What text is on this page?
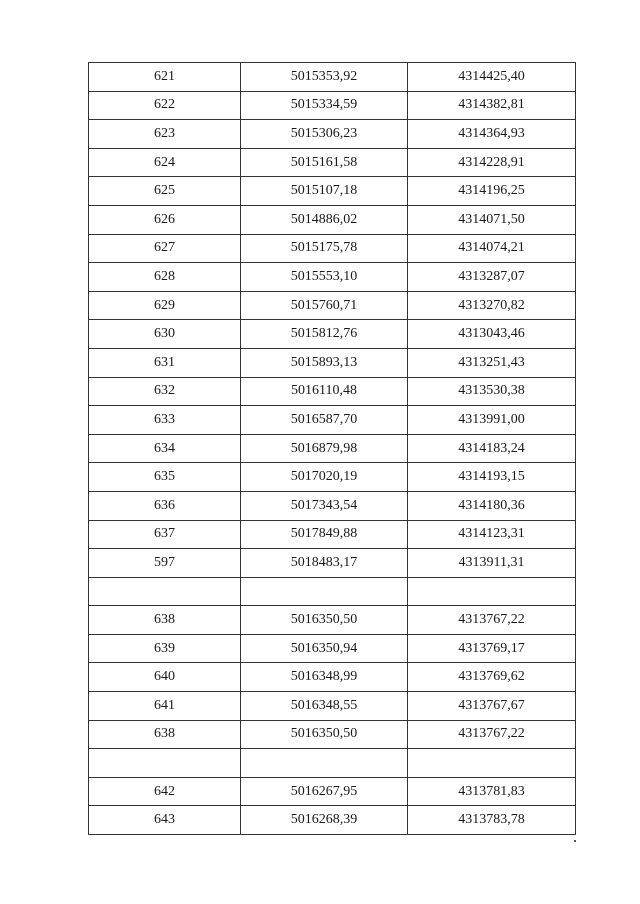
621	5015353,92	4314425,40
622	5015334,59	4314382,81
623	5015306,23	4314364,93
624	5015161,58	4314228,91
625	5015107,18	4314196,25
626	5014886,02	4314071,50
627	5015175,78	4314074,21
628	5015553,10	4313287,07
629	5015760,71	4313270,82
630	5015812,76	4313043,46
631	5015893,13	4313251,43
632	5016110,48	4313530,38
633	5016587,70	4313991,00
634	5016879,98	4314183,24
635	5017020,19	4314193,15
636	5017343,54	4314180,36
637	5017849,88	4314123,31
597	5018483,17	4313911,31

638	5016350,50	4313767,22
639	5016350,94	4313769,17
640	5016348,99	4313769,62
641	5016348,55	4313767,67
638	5016350,50	4313767,22

642	5016267,95	4313781,83
643	5016268,39	4313783,78
